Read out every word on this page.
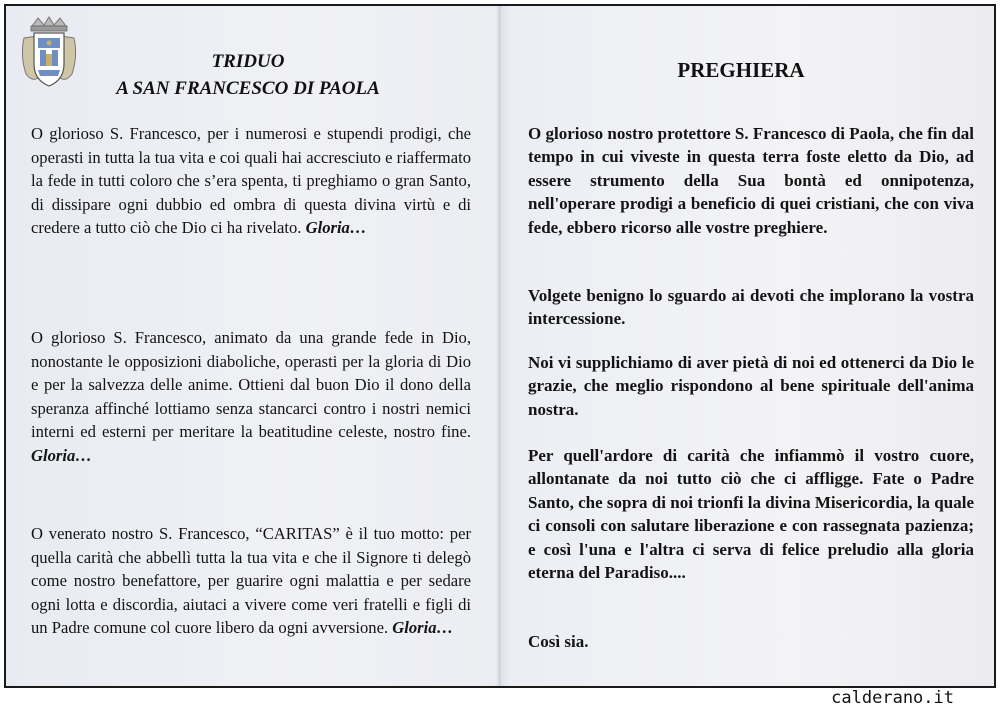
TRIDUO
A SAN FRANCESCO DI PAOLA

O glorioso S. Francesco, per i numerosi e stupendi prodigi, che operasti in tutta la tua vita e coi quali hai accresciuto e riaffermato la fede in tutti coloro che s’era spenta, ti preghiamo o gran Santo, di dissipare ogni dubbio ed ombra di questa divina virtù e di credere a tutto ciò che Dio ci ha rivelato. Gloria…

O glorioso S. Francesco, animato da una grande fede in Dio, nonostante le opposizioni diaboliche, operasti per la gloria di Dio e per la salvezza delle anime. Ottieni dal buon Dio il dono della speranza affinché lottiamo senza stancarci contro i nostri nemici interni ed esterni per meritare la beatitudine celeste, nostro fine. Gloria…

O venerato nostro S. Francesco, “CARITAS” è il tuo motto: per quella carità che abbellì tutta la tua vita e che il Signore ti delegò come nostro benefattore, per guarire ogni malattia e per sedare ogni lotta e discordia, aiutaci a vivere come veri fratelli e figli di un Padre comune col cuore libero da ogni avversione. Gloria…

PREGHIERA

O glorioso nostro protettore S. Francesco di Paola, che fin dal tempo in cui viveste in questa terra foste eletto da Dio, ad essere strumento della Sua bontà ed onnipotenza, nell'operare prodigi a beneficio di quei cristiani, che con viva fede, ebbero ricorso alle vostre preghiere.

Volgete benigno lo sguardo ai devoti che implorano la vostra intercessione.

Noi vi supplichiamo di aver pietà di noi ed ottenerci da Dio le grazie, che meglio rispondono al bene spirituale dell'anima nostra.

Per quell'ardore di carità che infiammò il vostro cuore, allontanate da noi tutto ciò che ci affligge. Fate o Padre Santo, che sopra di noi trionfi la divina Misericordia, la quale ci consoli con salutare liberazione e con rassegnata pazienza; e così l'una e l'altra ci serva di felice preludio alla gloria eterna del Paradiso....

Così sia.

calderano.it
